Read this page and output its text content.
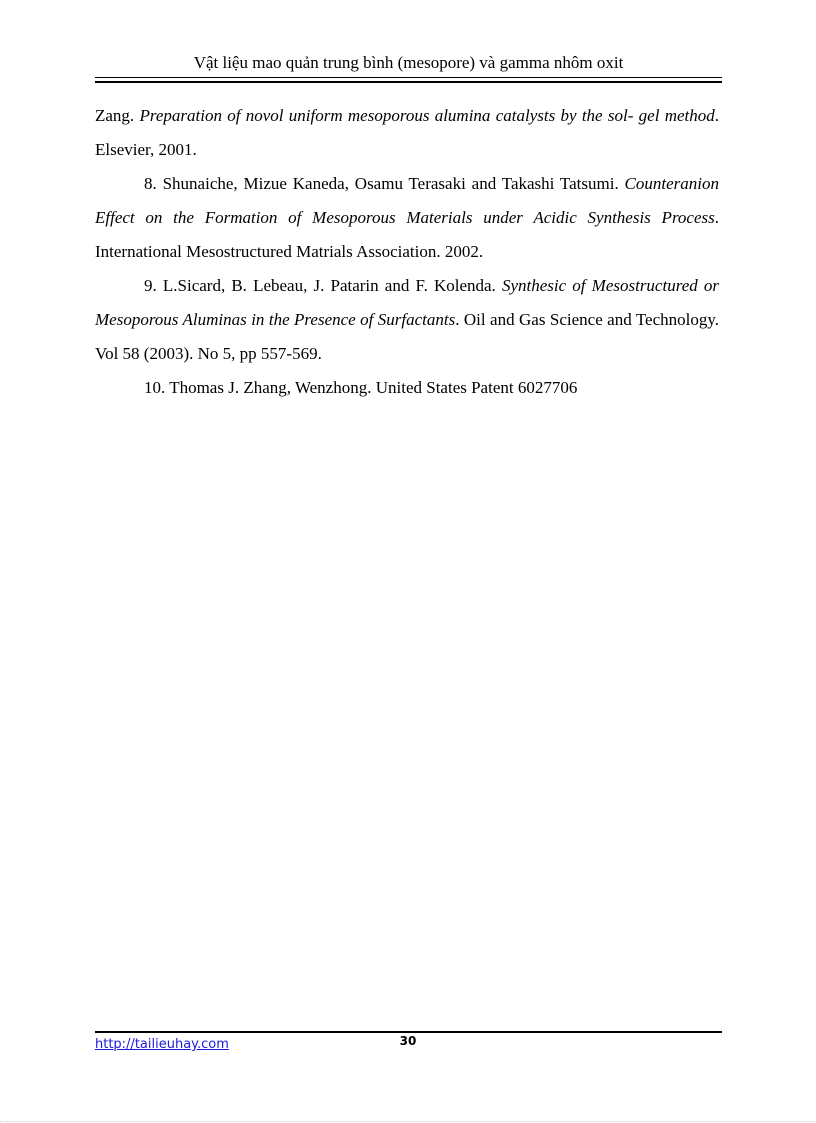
Vật liệu mao quản trung bình (mesopore) và gamma nhôm oxit

Zang. Preparation of novol uniform mesoporous alumina catalysts by the sol- gel method. Elsevier, 2001.

8. Shunaiche, Mizue Kaneda, Osamu Terasaki and Takashi Tatsumi. Counteranion Effect on the Formation of Mesoporous Materials under Acidic Synthesis Process. International Mesostructured Matrials Association. 2002.

9. L.Sicard, B. Lebeau, J. Patarin and F. Kolenda. Synthesic of Mesostructured or Mesoporous Aluminas in the Presence of Surfactants. Oil and Gas Science and Technology. Vol 58 (2003). No 5, pp 557-569.

10. Thomas J. Zhang, Wenzhong. United States Patent 6027706

http://tailieuhay.com	30
